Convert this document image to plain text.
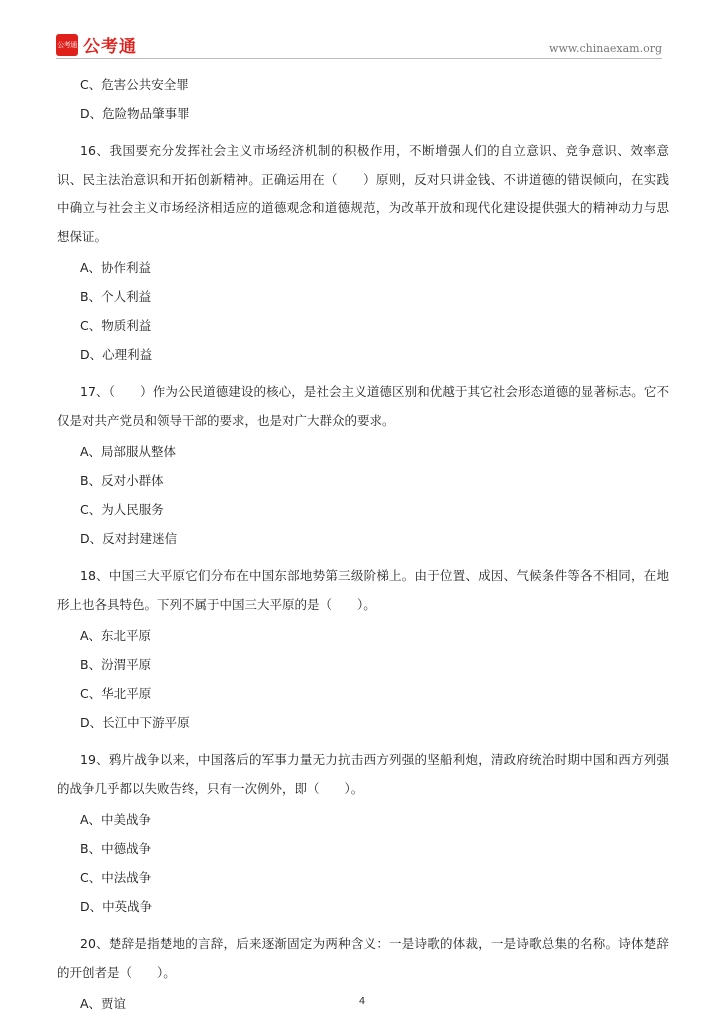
公考通 公考通	www.chinaexam.org

C、危害公共安全罪

D、危险物品肇事罪

16、我国要充分发挥社会主义市场经济机制的积极作用，不断增强人们的自立意识、竞争意识、效率意识、民主法治意识和开拓创新精神。正确运用在（　　）原则，反对只讲金钱、不讲道德的错误倾向，在实践中确立与社会主义市场经济相适应的道德观念和道德规范，为改革开放和现代化建设提供强大的精神动力与思想保证。

A、协作利益

B、个人利益

C、物质利益

D、心理利益

17、（　　）作为公民道德建设的核心，是社会主义道德区别和优越于其它社会形态道德的显著标志。它不仅是对共产党员和领导干部的要求，也是对广大群众的要求。

A、局部服从整体

B、反对小群体

C、为人民服务

D、反对封建迷信

18、中国三大平原它们分布在中国东部地势第三级阶梯上。由于位置、成因、气候条件等各不相同，在地形上也各具特色。下列不属于中国三大平原的是（　　）。

A、东北平原

B、汾渭平原

C、华北平原

D、长江中下游平原

19、鸦片战争以来，中国落后的军事力量无力抗击西方列强的坚船利炮，清政府统治时期中国和西方列强的战争几乎都以失败告终，只有一次例外，即（　　）。

A、中美战争

B、中德战争

C、中法战争

D、中英战争

20、楚辞是指楚地的言辞，后来逐渐固定为两种含义：一是诗歌的体裁，一是诗歌总集的名称。诗体楚辞的开创者是（　　）。

A、贾谊	4
